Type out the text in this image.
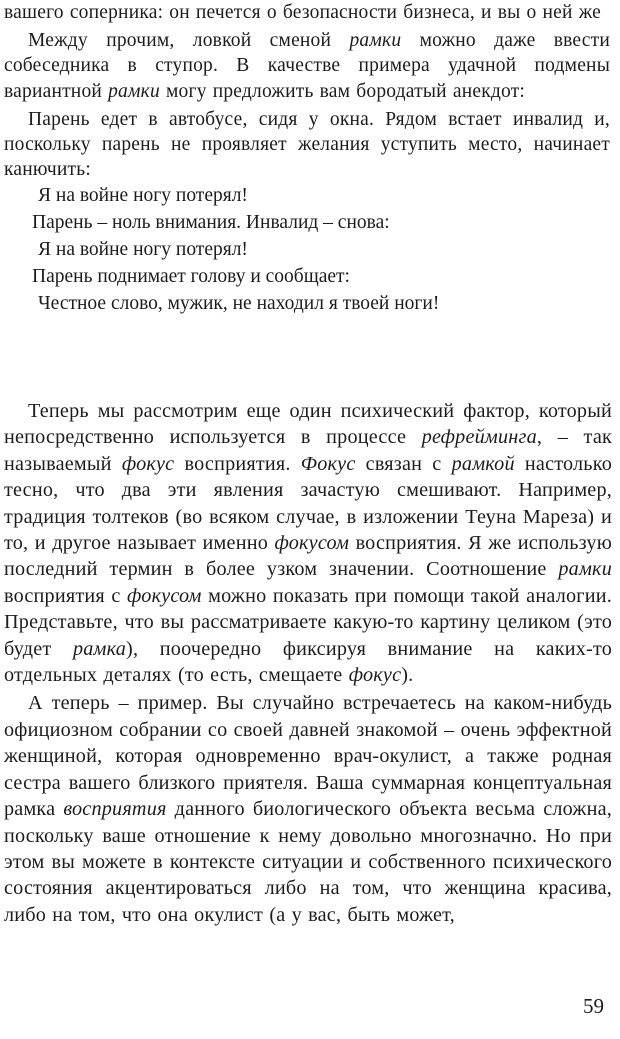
вашего соперника: он печется о безопасности бизнеса, и вы о ней же

Между прочим, ловкой сменой рамки можно даже ввести собеседника в ступор. В качестве примера удачной подмены вариантной рамки могу предложить вам бородатый анекдот:

Парень едет в автобусе, сидя у окна. Рядом встает инвалид и, поскольку парень не проявляет желания уступить место, начинает канючить:

Я на войне ногу потерял!

Парень – ноль внимания. Инвалид – снова:

Я на войне ногу потерял!

Парень поднимает голову и сообщает:

Честное слово, мужик, не находил я твоей ноги!

Теперь мы рассмотрим еще один психический фактор, который непосредственно используется в процессе рефрейминга, – так называемый фокус восприятия. Фокус связан с рамкой настолько тесно, что два эти явления зачастую смешивают. Например, традиция толтеков (во всяком случае, в изложении Теуна Мареза) и то, и другое называет именно фокусом восприятия. Я же использую последний термин в более узком значении. Соотношение рамки восприятия с фокусом можно показать при помощи такой аналогии. Представьте, что вы рассматриваете какую-то картину целиком (это будет рамка), поочередно фиксируя внимание на каких-то отдельных деталях (то есть, смещаете фокус).

А теперь – пример. Вы случайно встречаетесь на каком-нибудь официозном собрании со своей давней знакомой – очень эффектной женщиной, которая одновременно врач-окулист, а также родная сестра вашего близкого приятеля. Ваша суммарная концептуальная рамка восприятия данного биологического объекта весьма сложна, поскольку ваше отношение к нему довольно многозначно. Но при этом вы можете в контексте ситуации и собственного психического состояния акцентироваться либо на том, что женщина красива, либо на том, что она окулист (а у вас, быть может,

59
